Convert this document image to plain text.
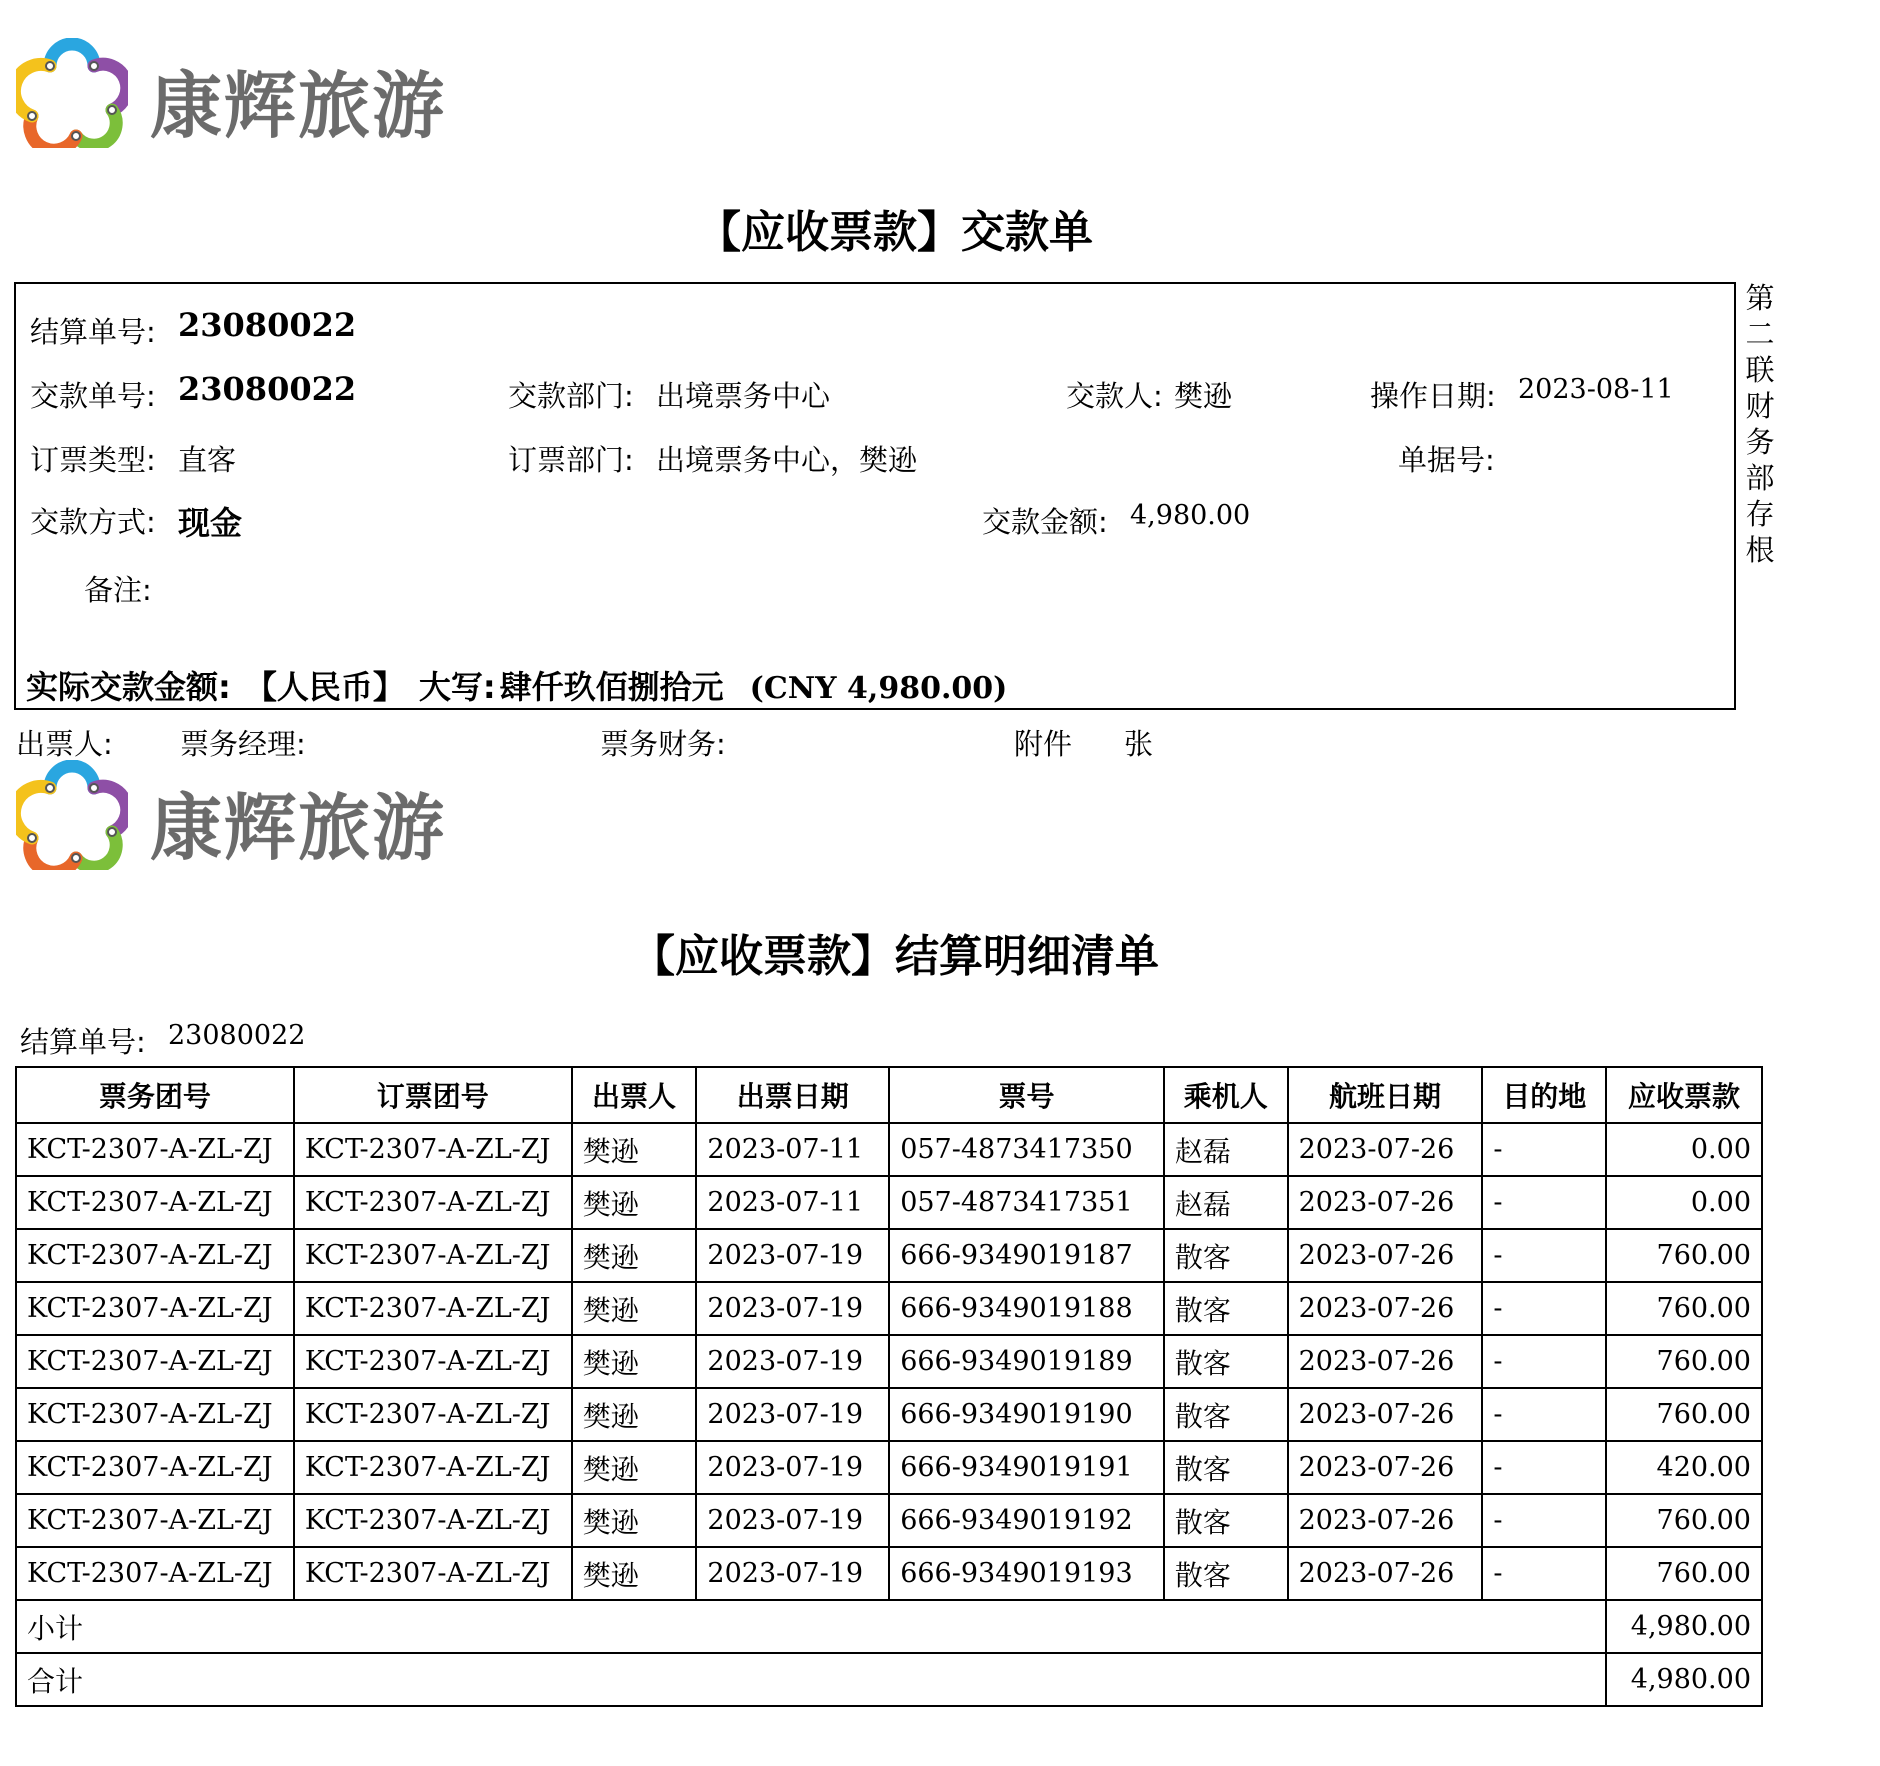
康辉旅游
【应收票款】交款单
结算单号: 23080022
交款单号: 23080022	交款部门: 出境票务中心	交款人: 樊逊	操作日期: 2023-08-11
订票类型: 直客	订票部门: 出境票务中心，樊逊	单据号:
交款方式: 现金	交款金额: 4,980.00
备注:
实际交款金额: 【人民币】 大写: 肆仟玖佰捌拾元 (CNY 4,980.00)
第
二
联
财
务
部
存
根
出票人: 票务经理:	票务财务:	附件 张
康辉旅游
【应收票款】结算明细清单
结算单号: 23080022
票务团号	订票团号	出票人	出票日期	票号	乘机人	航班日期	目的地	应收票款
KCT-2307-A-ZL-ZJ	KCT-2307-A-ZL-ZJ	樊逊	2023-07-11	057-4873417350	赵磊	2023-07-26	-	0.00
KCT-2307-A-ZL-ZJ	KCT-2307-A-ZL-ZJ	樊逊	2023-07-11	057-4873417351	赵磊	2023-07-26	-	0.00
KCT-2307-A-ZL-ZJ	KCT-2307-A-ZL-ZJ	樊逊	2023-07-19	666-9349019187	散客	2023-07-26	-	760.00
KCT-2307-A-ZL-ZJ	KCT-2307-A-ZL-ZJ	樊逊	2023-07-19	666-9349019188	散客	2023-07-26	-	760.00
KCT-2307-A-ZL-ZJ	KCT-2307-A-ZL-ZJ	樊逊	2023-07-19	666-9349019189	散客	2023-07-26	-	760.00
KCT-2307-A-ZL-ZJ	KCT-2307-A-ZL-ZJ	樊逊	2023-07-19	666-9349019190	散客	2023-07-26	-	760.00
KCT-2307-A-ZL-ZJ	KCT-2307-A-ZL-ZJ	樊逊	2023-07-19	666-9349019191	散客	2023-07-26	-	420.00
KCT-2307-A-ZL-ZJ	KCT-2307-A-ZL-ZJ	樊逊	2023-07-19	666-9349019192	散客	2023-07-26	-	760.00
KCT-2307-A-ZL-ZJ	KCT-2307-A-ZL-ZJ	樊逊	2023-07-19	666-9349019193	散客	2023-07-26	-	760.00
小计								4,980.00
合计								4,980.00
